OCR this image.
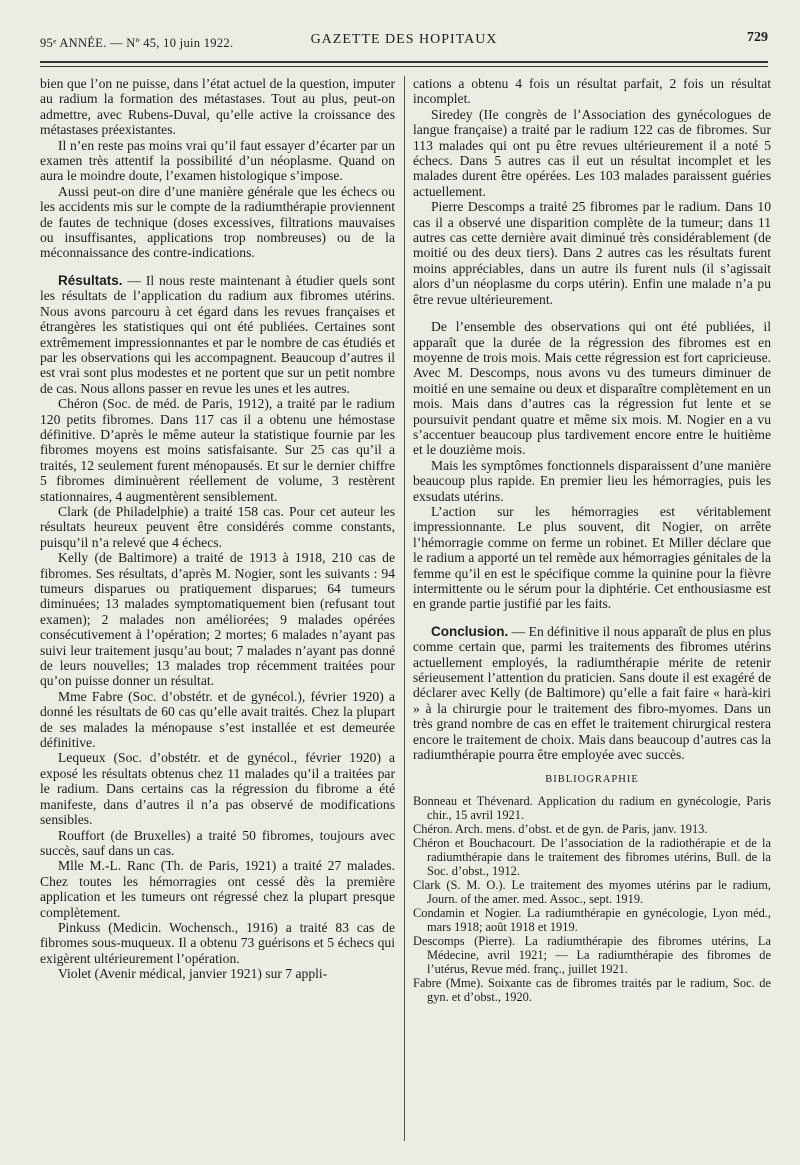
95ᵉ ANNÉE. — Nº 45, 10 juin 1922.	GAZETTE DES HOPITAUX	729

bien que l’on ne puisse, dans l’état actuel de la question, imputer au radium la formation des métastases. Tout au plus, peut-on admettre, avec Rubens-Duval, qu’elle active la croissance des métastases préexistantes.

Il n’en reste pas moins vrai qu’il faut essayer d’écarter par un examen très attentif la possibilité d’un néoplasme. Quand on aura le moindre doute, l’examen histologique s’impose.

Aussi peut-on dire d’une manière générale que les échecs ou les accidents mis sur le compte de la radiumthérapie proviennent de fautes de technique (doses excessives, filtrations mauvaises ou insuffisantes, applications trop nombreuses) ou de la méconnaissance des contre-indications.

Résultats. — Il nous reste maintenant à étudier quels sont les résultats de l’application du radium aux fibromes utérins. Nous avons parcouru à cet égard dans les revues françaises et étrangères les statistiques qui ont été publiées. Certaines sont extrêmement impressionnantes et par le nombre de cas étudiés et par les observations qui les accompagnent. Beaucoup d’autres il est vrai sont plus modestes et ne portent que sur un petit nombre de cas. Nous allons passer en revue les unes et les autres.

Chéron (Soc. de méd. de Paris, 1912), a traité par le radium 120 petits fibromes. Dans 117 cas il a obtenu une hémostase définitive. D’après le même auteur la statistique fournie par les fibromes moyens est moins satisfaisante. Sur 25 cas qu’il a traités, 12 seulement furent ménopausés. Et sur le dernier chiffre 5 fibromes diminuèrent réellement de volume, 3 restèrent stationnaires, 4 augmentèrent sensiblement.

Clark (de Philadelphie) a traité 158 cas. Pour cet auteur les résultats heureux peuvent être considérés comme constants, puisqu’il n’a relevé que 4 échecs.

Kelly (de Baltimore) a traité de 1913 à 1918, 210 cas de fibromes. Ses résultats, d’après M. Nogier, sont les suivants : 94 tumeurs disparues ou pratiquement disparues; 64 tumeurs diminuées; 13 malades symptomatiquement bien (refusant tout examen); 2 malades non améliorées; 9 malades opérées consécutivement à l’opération; 2 mortes; 6 malades n’ayant pas suivi leur traitement jusqu’au bout; 7 malades n’ayant pas donné de leurs nouvelles; 13 malades trop récemment traitées pour qu’on puisse donner un résultat.

Mme Fabre (Soc. d’obstétr. et de gynécol.), février 1920) a donné les résultats de 60 cas qu’elle avait traités. Chez la plupart de ses malades la ménopause s’est installée et est demeurée définitive.

Lequeux (Soc. d’obstétr. et de gynécol., février 1920) a exposé les résultats obtenus chez 11 malades qu’il a traitées par le radium. Dans certains cas la régression du fibrome a été manifeste, dans d’autres il n’a pas observé de modifications sensibles.

Rouffort (de Bruxelles) a traité 50 fibromes, toujours avec succès, sauf dans un cas.

Mlle M.-L. Ranc (Th. de Paris, 1921) a traité 27 malades. Chez toutes les hémorragies ont cessé dès la première application et les tumeurs ont régressé chez la plupart presque complètement.

Pinkuss (Medicin. Wochensch., 1916) a traité 83 cas de fibromes sous-muqueux. Il a obtenu 73 guérisons et 5 échecs qui exigèrent ultérieurement l’opération.

Violet (Avenir médical, janvier 1921) sur 7 appli-

cations a obtenu 4 fois un résultat parfait, 2 fois un résultat incomplet.

Siredey (IIe congrès de l’Association des gynécologues de langue française) a traité par le radium 122 cas de fibromes. Sur 113 malades qui ont pu être revues ultérieurement il a noté 5 échecs. Dans 5 autres cas il eut un résultat incomplet et les malades durent être opérées. Les 103 malades paraissent guéries actuellement.

Pierre Descomps a traité 25 fibromes par le radium. Dans 10 cas il a observé une disparition complète de la tumeur; dans 11 autres cas cette dernière avait diminué très considérablement (de moitié ou des deux tiers). Dans 2 autres cas les résultats furent moins appréciables, dans un autre ils furent nuls (il s’agissait alors d’un néoplasme du corps utérin). Enfin une malade n’a pu être revue ultérieurement.

De l’ensemble des observations qui ont été publiées, il apparaît que la durée de la régression des fibromes est en moyenne de trois mois. Mais cette régression est fort capricieuse. Avec M. Descomps, nous avons vu des tumeurs diminuer de moitié en une semaine ou deux et disparaître complètement en un mois. Mais dans d’autres cas la régression fut lente et se poursuivit pendant quatre et même six mois. M. Nogier en a vu s’accentuer beaucoup plus tardivement encore entre le huitième et le douzième mois.

Mais les symptômes fonctionnels disparaissent d’une manière beaucoup plus rapide. En premier lieu les hémorragies, puis les exsudats utérins.

L’action sur les hémorragies est véritablement impressionnante. Le plus souvent, dit Nogier, on arrête l’hémorragie comme on ferme un robinet. Et Miller déclare que le radium a apporté un tel remède aux hémorragies génitales de la femme qu’il en est le spécifique comme la quinine pour la fièvre intermittente ou le sérum pour la diphtérie. Cet enthousiasme est en grande partie justifié par les faits.

Conclusion. — En définitive il nous apparaît de plus en plus comme certain que, parmi les traitements des fibromes utérins actuellement employés, la radiumthérapie mérite de retenir sérieusement l’attention du praticien. Sans doute il est exagéré de déclarer avec Kelly (de Baltimore) qu’elle a fait faire « harà-kiri » à la chirurgie pour le traitement des fibro-myomes. Dans un très grand nombre de cas en effet le traitement chirurgical restera encore le traitement de choix. Mais dans beaucoup d’autres cas la radiumthérapie pourra être employée avec succès.

BIBLIOGRAPHIE

Bonneau et Thévenard. Application du radium en gynécologie, Paris chir., 15 avril 1921.

Chéron. Arch. mens. d’obst. et de gyn. de Paris, janv. 1913.

Chéron et Bouchacourt. De l’association de la radiothérapie et de la radiumthérapie dans le traitement des fibromes utérins, Bull. de la Soc. d’obst., 1912.

Clark (S. M. O.). Le traitement des myomes utérins par le radium, Journ. of the amer. med. Assoc., sept. 1919.

Condamin et Nogier. La radiumthérapie en gynécologie, Lyon méd., mars 1918; août 1918 et 1919.

Descomps (Pierre). La radiumthérapie des fibromes utérins, La Médecine, avril 1921; — La radiumthérapie des fibromes de l’utérus, Revue méd. franç., juillet 1921.

Fabre (Mme). Soixante cas de fibromes traités par le radium, Soc. de gyn. et d’obst., 1920.
